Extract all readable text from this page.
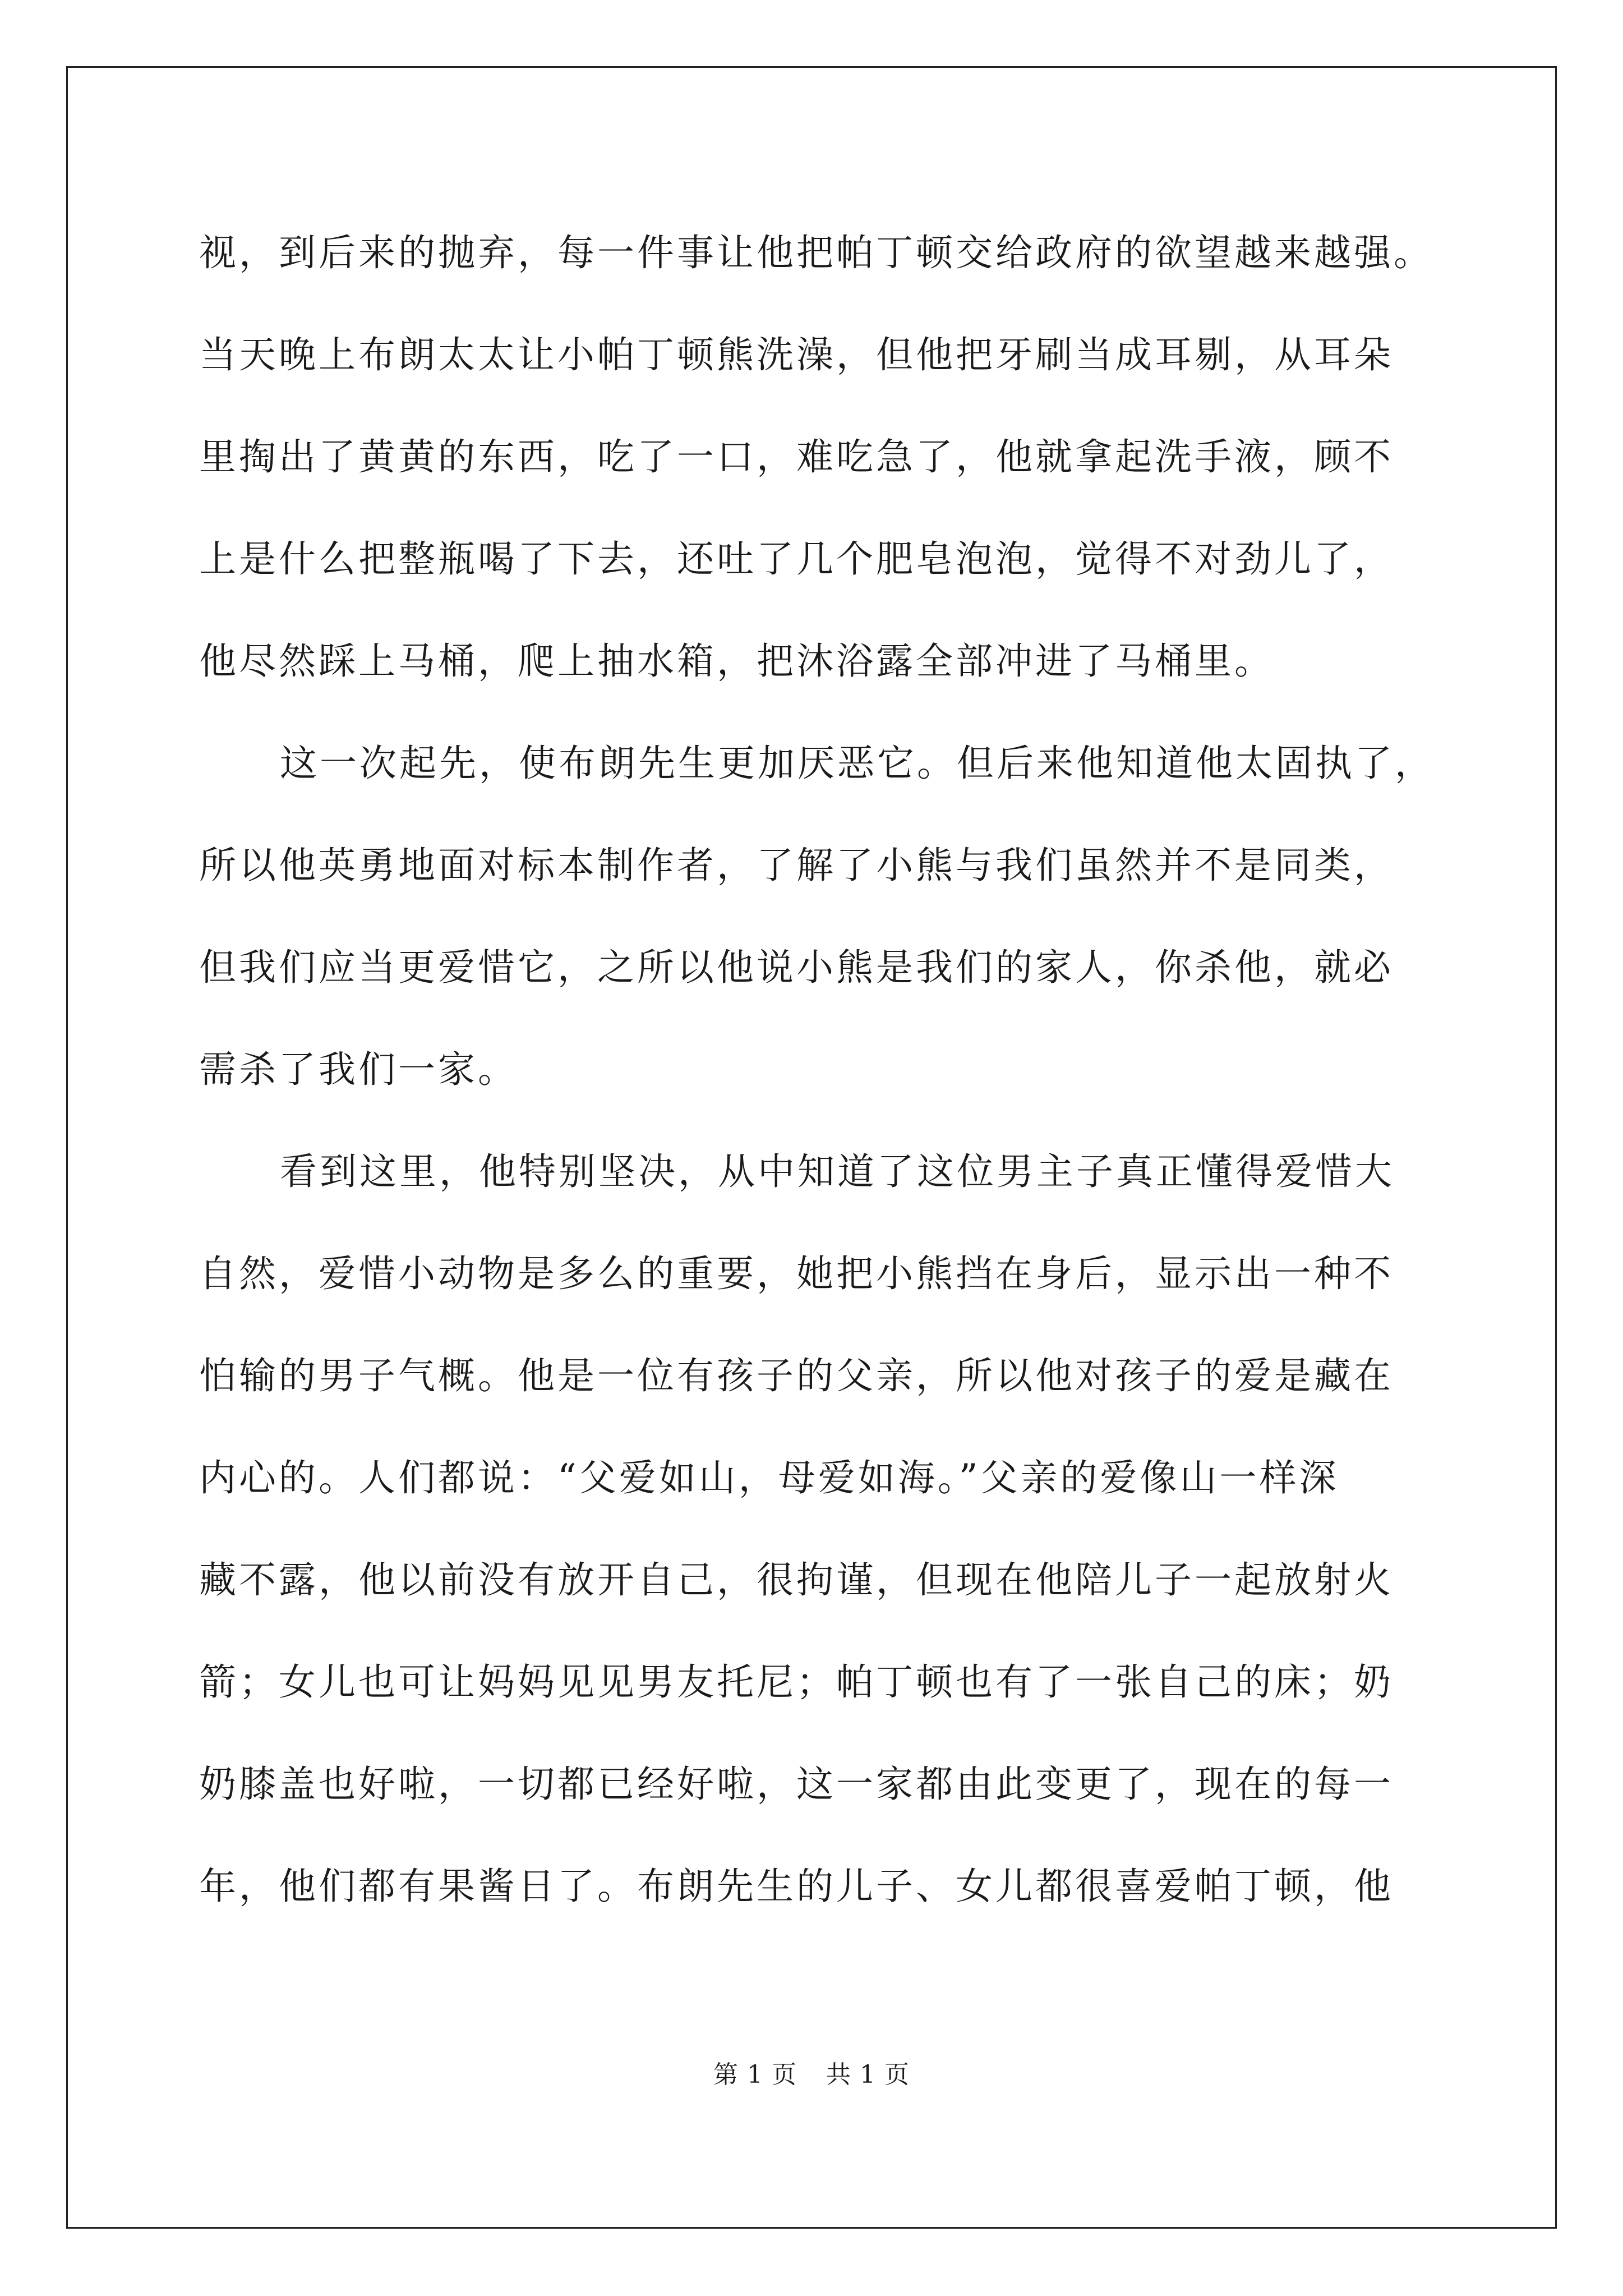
视，到后来的抛弃，每一件事让他把帕丁顿交给政府的欲望越来越强。
当天晚上布朗太太让小帕丁顿熊洗澡，但他把牙刷当成耳剔，从耳朵
里掏出了黄黄的东西，吃了一口，难吃急了，他就拿起洗手液，顾不
上是什么把整瓶喝了下去，还吐了几个肥皂泡泡，觉得不对劲儿了，
他尽然踩上马桶，爬上抽水箱，把沐浴露全部冲进了马桶里。
这一次起先，使布朗先生更加厌恶它。但后来他知道他太固执了，
所以他英勇地面对标本制作者，了解了小熊与我们虽然并不是同类，
但我们应当更爱惜它，之所以他说小熊是我们的家人，你杀他，就必
需杀了我们一家。
看到这里，他特别坚决，从中知道了这位男主子真正懂得爱惜大
自然，爱惜小动物是多么的重要，她把小熊挡在身后，显示出一种不
怕输的男子气概。他是一位有孩子的父亲，所以他对孩子的爱是藏在
内心的。人们都说：“父爱如山，母爱如海。”父亲的爱像山一样深
藏不露，他以前没有放开自己，很拘谨，但现在他陪儿子一起放射火
箭；女儿也可让妈妈见见男友托尼；帕丁顿也有了一张自己的床；奶
奶膝盖也好啦，一切都已经好啦，这一家都由此变更了，现在的每一
年，他们都有果酱日了。布朗先生的儿子、女儿都很喜爱帕丁顿，他
第 1 页 共 1 页
